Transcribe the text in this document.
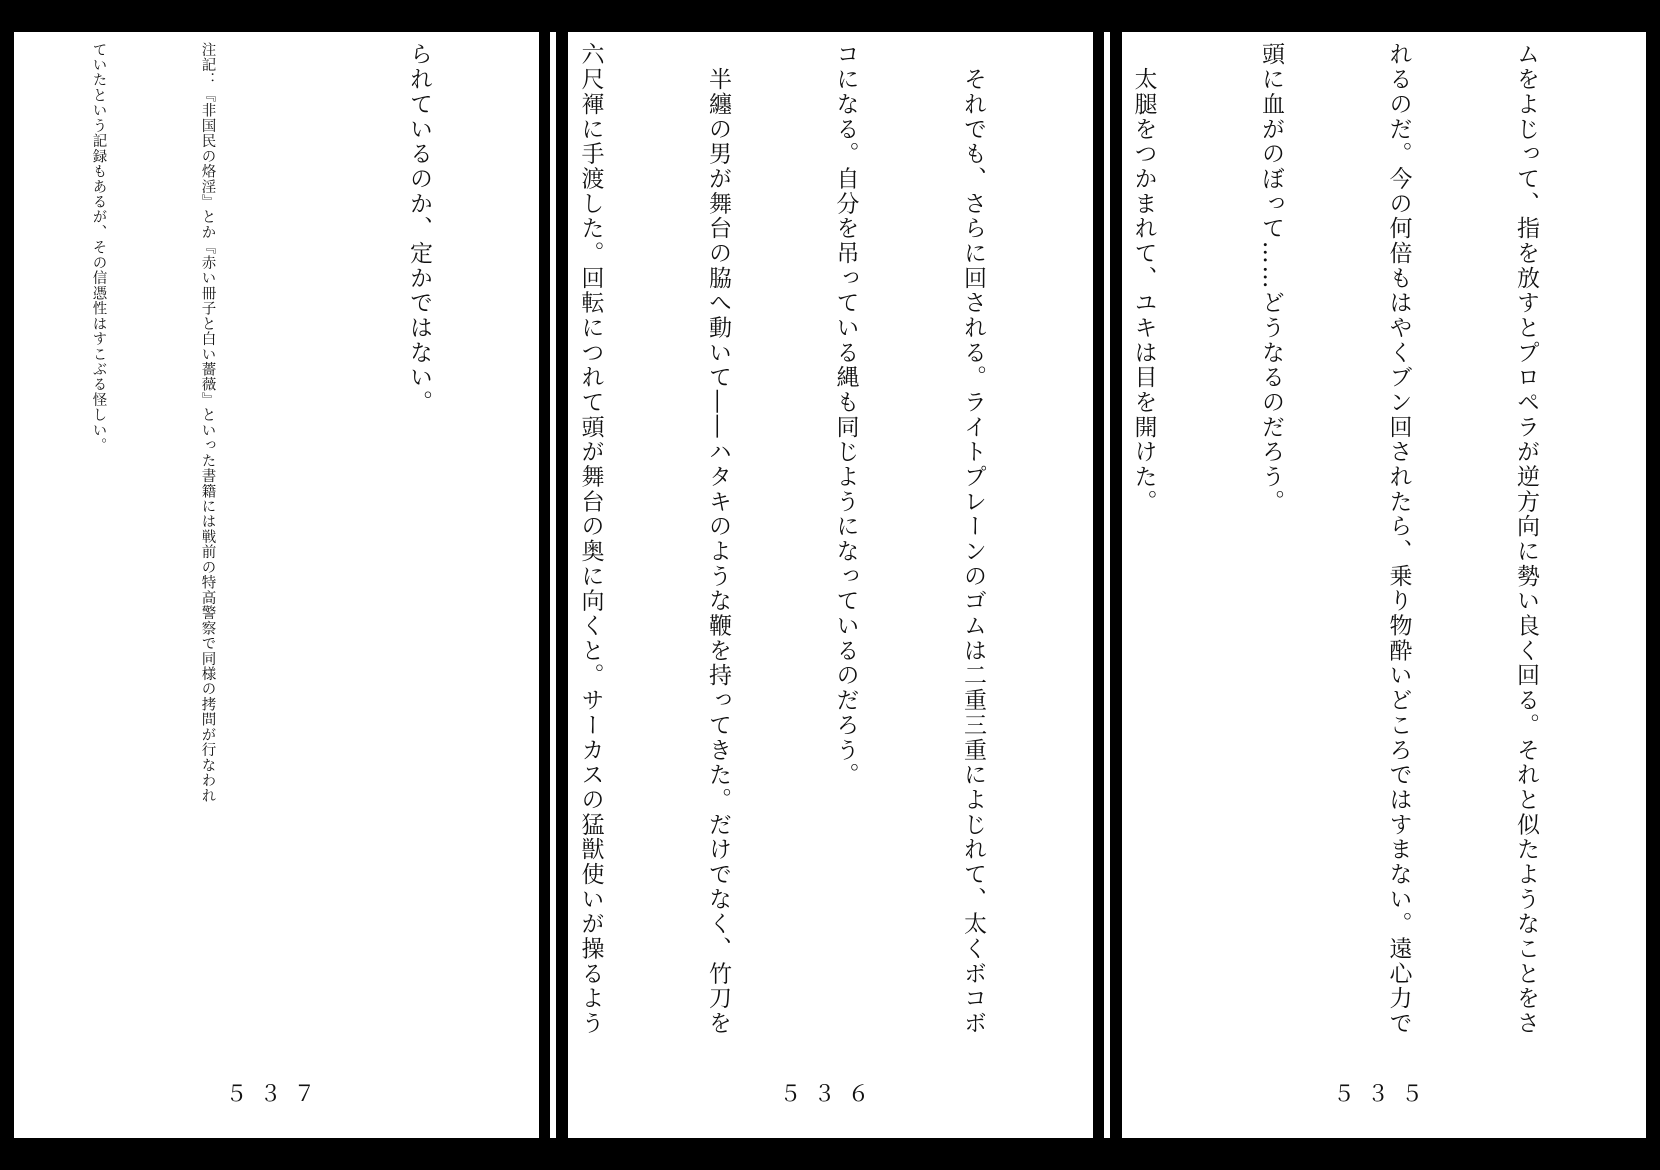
られているのか、定かではない。

注記：『非国民の烙淫』とか『赤い冊子と白い薔薇』といった書籍には戦前の特高警察で同様の拷問が行なわれ

ていたという記録もあるが、その信憑性はすこぶる怪しい。

５３７

　それでも、さらに回される。ライトプレーンのゴムは二重三重によじれて、太くボコボ

コになる。自分を吊っている縄も同じようになっているのだろう。

　半纏の男が舞台の脇へ動いて――ハタキのような鞭を持ってきた。だけでなく、竹刀を

六尺褌に手渡した。回転につれて頭が舞台の奥に向くと。サーカスの猛獣使いが操るよう

５３６

ムをよじって、指を放すとプロペラが逆方向に勢い良く回る。それと似たようなことをさ

れるのだ。今の何倍もはやくブン回されたら、乗り物酔いどころではすまない。遠心力で

頭に血がのぼって……どうなるのだろう。

　太腿をつかまれて、ユキは目を開けた。

５３５
